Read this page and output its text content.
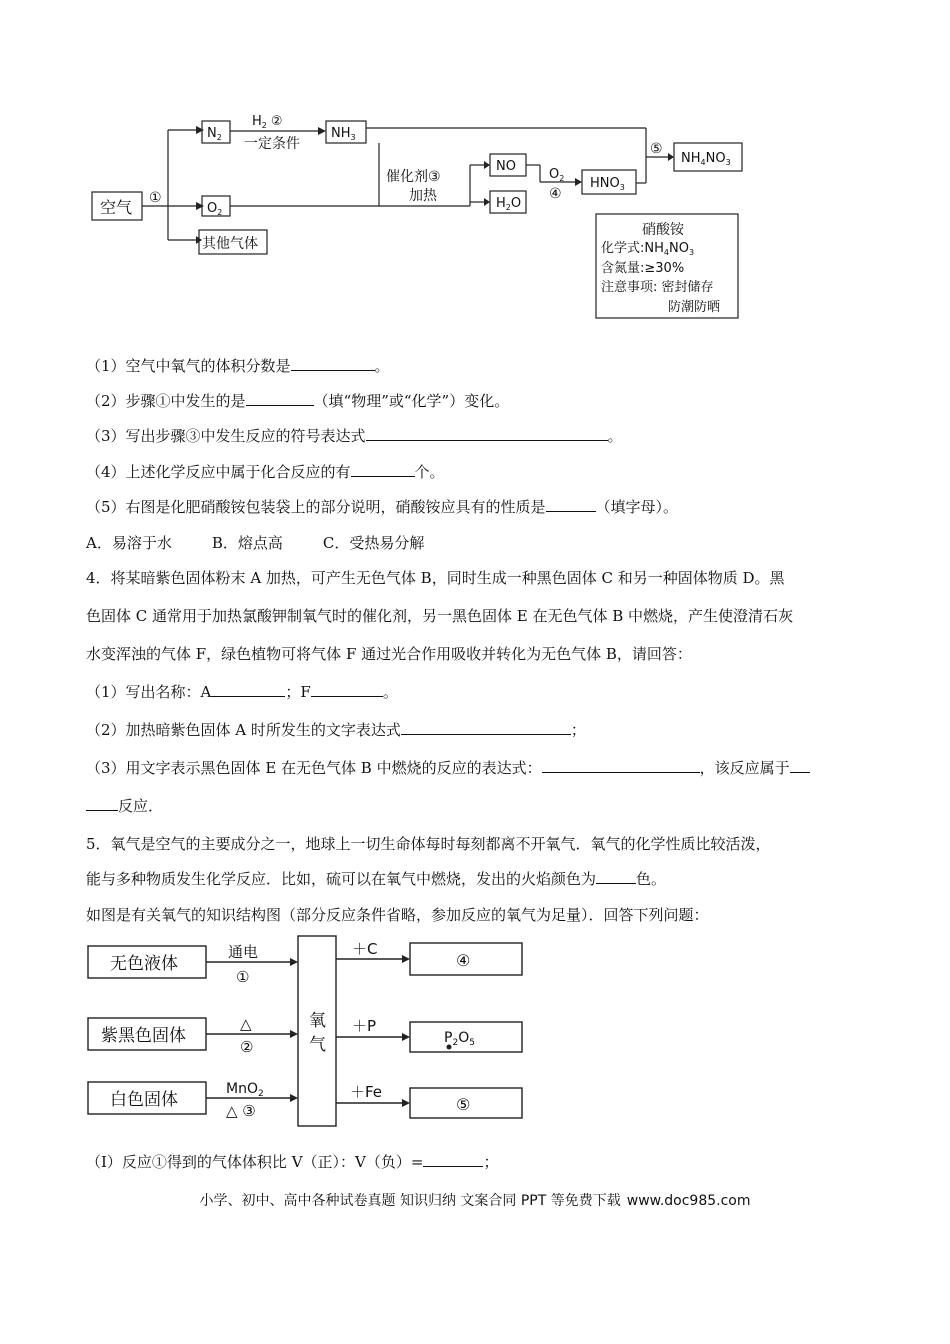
空气 ①
$N_2$
$O_2$
其他气体
$H_2$ ②
一定条件
$NH_3$
催化剂③
加热
NO
$H_2O$
$O_2$
④
$HNO_3$
⑤
$NH_4NO_3$
硝酸铵
化学式$:NH_4NO_3$
含氮量:≥30%
注意事项: 密封储存
防潮防晒
（1）空气中氧气的体积分数是	。
（2）步骤①中发生的是	（填“物理”或“化学”）变化。
（3）写出步骤③中发生反应的符号表达式	。
（4）上述化学反应中属于化合反应的有	个。
（5）右图是化肥硝酸铵包装袋上的部分说明，硝酸铵应具有的性质是	（填字母）。
A．易溶于水	B．熔点高	C．受热易分解
4．将某暗紫色固体粉末 A 加热，可产生无色气体 B，同时生成一种黑色固体 C 和另一种固体物质 D。黑
色固体 C 通常用于加热氯酸钾制氧气时的催化剂，另一黑色固体 E 在无色气体 B 中燃烧，产生使澄清石灰
水变浑浊的气体 F，绿色植物可将气体 F 通过光合作用吸收并转化为无色气体 B，请回答：
（1）写出名称：A	；F	。
（2）加热暗紫色固体 A 时所发生的文字表达式	；
（3）用文字表示黑色固体 E 在无色气体 B 中燃烧的反应的表达式：	，该反应属于
反应．
5．氧气是空气的主要成分之一，地球上一切生命体每时每刻都离不开氧气．氧气的化学性质比较活泼，
能与多种物质发生化学反应．比如，硫可以在氧气中燃烧，发出的火焰颜色为	色。
如图是有关氧气的知识结构图（部分反应条件省略，参加反应的氧气为足量）．回答下列问题：
无色液体
紫黑色固体
白色固体
通电
①
△
②
MnO$_2$
△ ③
氧
气
＋C
＋P
＋Fe
④
$P_2O_5$
⑤
（Ⅰ）反应①得到的气体体积比 V（正）：V（负）=	；
小学、初中、高中各种试卷真题 知识归纳 文案合同 PPT 等免费下载 www.doc985.com
